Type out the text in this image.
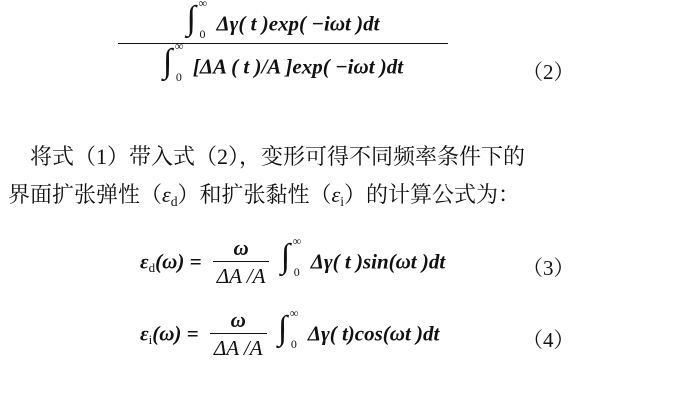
∫ ∞
0 Δγ( t )exp( −iωt )dt
∫ ∞
0 [ΔA ( t )/A ]exp( −iωt )dt	（2）
将式（1）带入式（2），变形可得不同频率条件下的
界面扩张弹性$(\varepsilon_d)$和扩张黏性$(\varepsilon_i)$的计算公式为：
$\varepsilon_d(\omega) = \frac{\omega}{\Delta A /A}$
∫ ∞
0 Δγ( t )sin(ωt )dt	（3）
$\varepsilon_i(\omega) = \frac{\omega}{\Delta A /A}$
∫ ∞
0 Δγ( t)cos(ωt )dt	（4）
